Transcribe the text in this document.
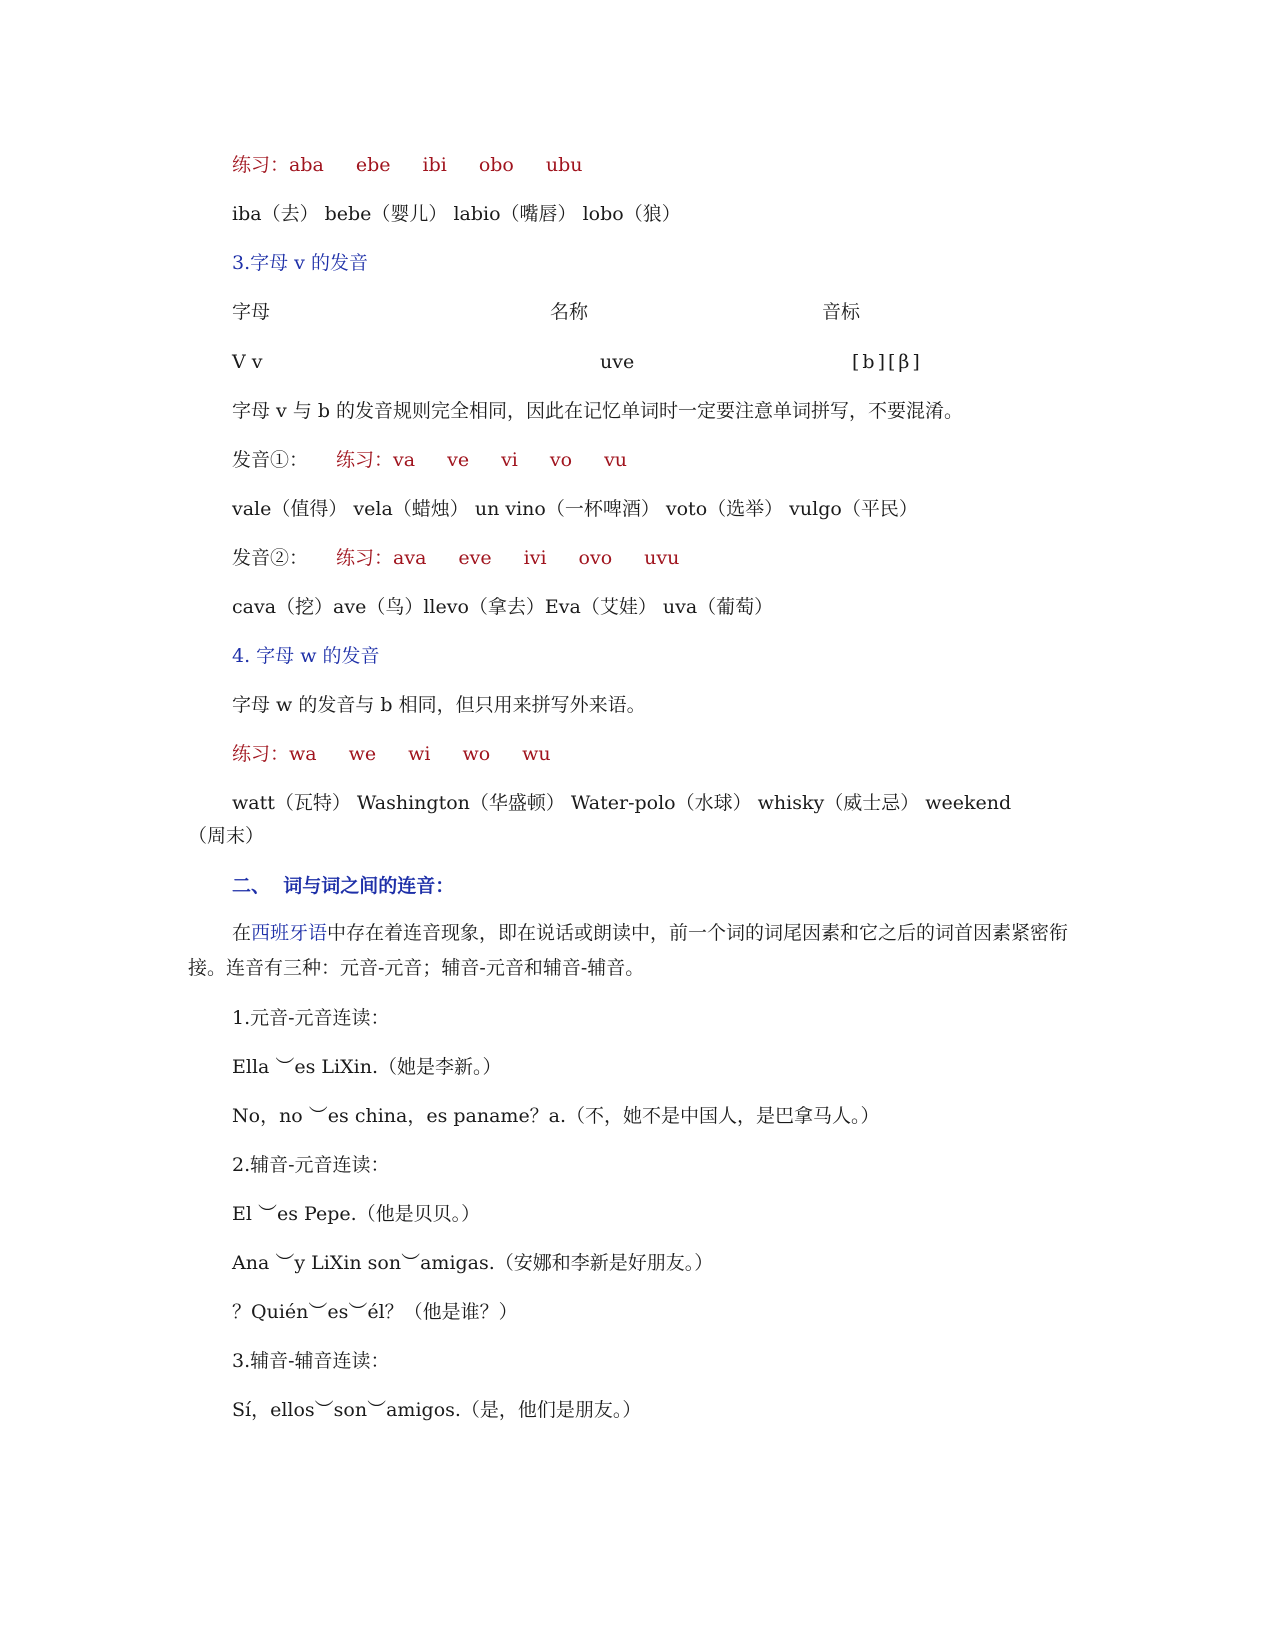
练习：aba ebe ibi obo ubu
iba（去） bebe（婴儿） labio（嘴唇） lobo（狼）
3.字母 v 的发音
字母	名称	音标
V v	uve	[b][β]
字母 v 与 b 的发音规则完全相同，因此在记忆单词时一定要注意单词拼写，不要混淆。
发音①： 练习：va ve vi vo vu
vale（值得） vela（蜡烛） un vino（一杯啤酒） voto（选举） vulgo（平民）
发音②： 练习：ava eve ivi ovo uvu
cava（挖）ave（鸟）llevo（拿去）Eva（艾娃） uva（葡萄）
4. 字母 w 的发音
字母 w 的发音与 b 相同，但只用来拼写外来语。
练习：wa we wi wo wu
watt（瓦特） Washington（华盛顿） Water-polo（水球） whisky（威士忌） weekend
（周末）
二、  词与词之间的连音：
在西班牙语中存在着连音现象，即在说话或朗读中，前一个词的词尾因素和它之后的词首因素紧密衔接。连音有三种：元音-元音；辅音-元音和辅音-辅音。
1.元音-元音连读：
Ella ︶es LiXin.（她是李新。）
No，no ︶es china，es paname？a.（不，她不是中国人，是巴拿马人。）
2.辅音-元音连读：
El ︶es Pepe.（他是贝贝。）
Ana ︶y LiXin son︶amigas.（安娜和李新是好朋友。）
？Quién︶es︶él？（他是谁？）
3.辅音-辅音连读：
Sí，ellos︶son︶amigos.（是，他们是朋友。）
